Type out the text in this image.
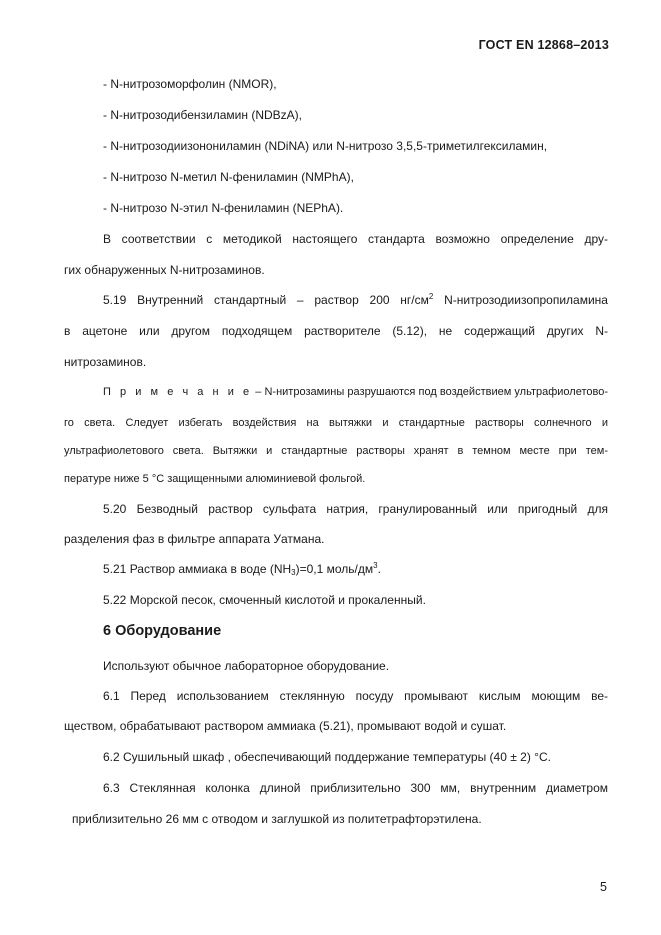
ГОСТ EN 12868–2013
- N-нитрозоморфолин (NMOR),
- N-нитрозодибензиламин (NDBzA),
- N-нитрозодиизонониламин (NDiNA) или N-нитрозо 3,5,5-триметилгексиламин,
- N-нитрозо N-метил N-фениламин (NMPhA),
- N-нитрозо N-этил N-фениламин (NEPhA).
В соответствии с методикой настоящего стандарта возможно определение дру-
гих обнаруженных N-нитрозаминов.
5.19 Внутренний стандартный – раствор 200 $нг/см^2$ N-нитрозодиизопропиламина
в ацетоне или другом подходящем растворителе (5.12), не содержащий других N-
нитрозаминов.
П р и м е ч а н и е – N-нитрозамины разрушаются под воздействием ультрафиолетово-
го света. Следует избегать воздействия на вытяжки и стандартные растворы солнечного и
ультрафиолетового света. Вытяжки и стандартные растворы хранят в темном месте при тем-
пературе ниже 5 °С защищенными алюминиевой фольгой.
5.20 Безводный раствор сульфата натрия, гранулированный или пригодный для
разделения фаз в фильтре аппарата Уатмана.
5.21 Раствор аммиака в воде $(NH_3)=0,1$ моль/$дм^3$.
5.22 Морской песок, смоченный кислотой и прокаленный.
6 Оборудование
Используют обычное лабораторное оборудование.
6.1 Перед использованием стеклянную посуду промывают кислым моющим ве-
ществом, обрабатывают раствором аммиака (5.21), промывают водой и сушат.
6.2 Сушильный шкаф , обеспечивающий поддержание температуры (40 ± 2) °С.
6.3 Стеклянная колонка длиной приблизительно 300 мм, внутренним диаметром
приблизительно 26 мм с отводом и заглушкой из политетрафторэтилена.
5
